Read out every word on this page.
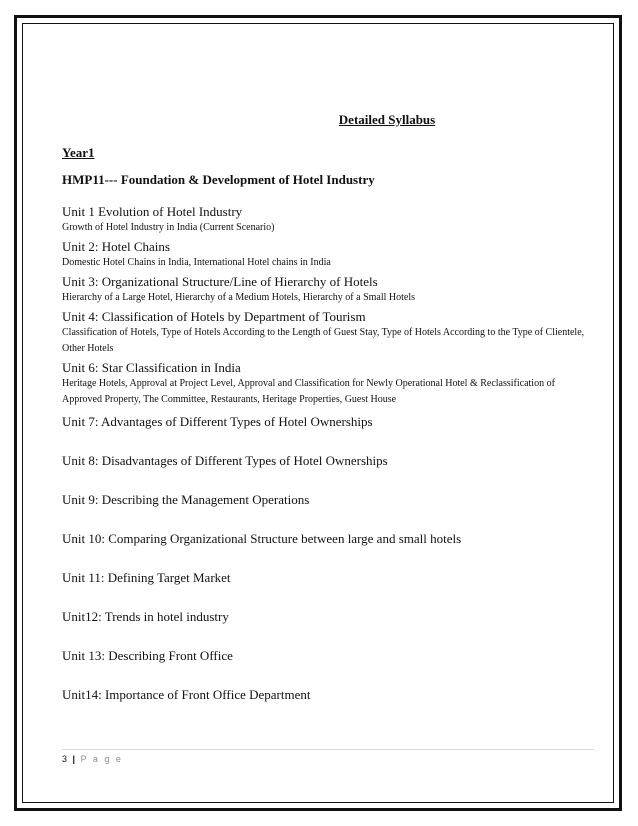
Detailed Syllabus
Year1
HMP11--- Foundation & Development of Hotel Industry
Unit 1 Evolution of Hotel Industry
Growth of Hotel Industry in India (Current Scenario)
Unit 2: Hotel Chains
Domestic Hotel Chains in India, International Hotel chains in India
Unit 3: Organizational Structure/Line of Hierarchy of Hotels
Hierarchy of a Large Hotel, Hierarchy of a Medium Hotels, Hierarchy of a Small Hotels
Unit 4: Classification of Hotels by Department of Tourism
Classification of Hotels, Type of Hotels According to the Length of Guest Stay, Type of Hotels According to the Type of Clientele, Other Hotels
Unit 6: Star Classification in India
Heritage Hotels, Approval at Project Level, Approval and Classification for Newly Operational Hotel & Reclassification of Approved Property, The Committee, Restaurants, Heritage Properties, Guest House
Unit 7: Advantages of Different Types of Hotel Ownerships
Unit 8: Disadvantages of Different Types of Hotel Ownerships
Unit 9: Describing the Management Operations
Unit 10: Comparing Organizational Structure between large and small hotels
Unit 11: Defining Target Market
Unit12: Trends in hotel industry
Unit 13: Describing Front Office
Unit14: Importance of Front Office Department
3 | P a g e
